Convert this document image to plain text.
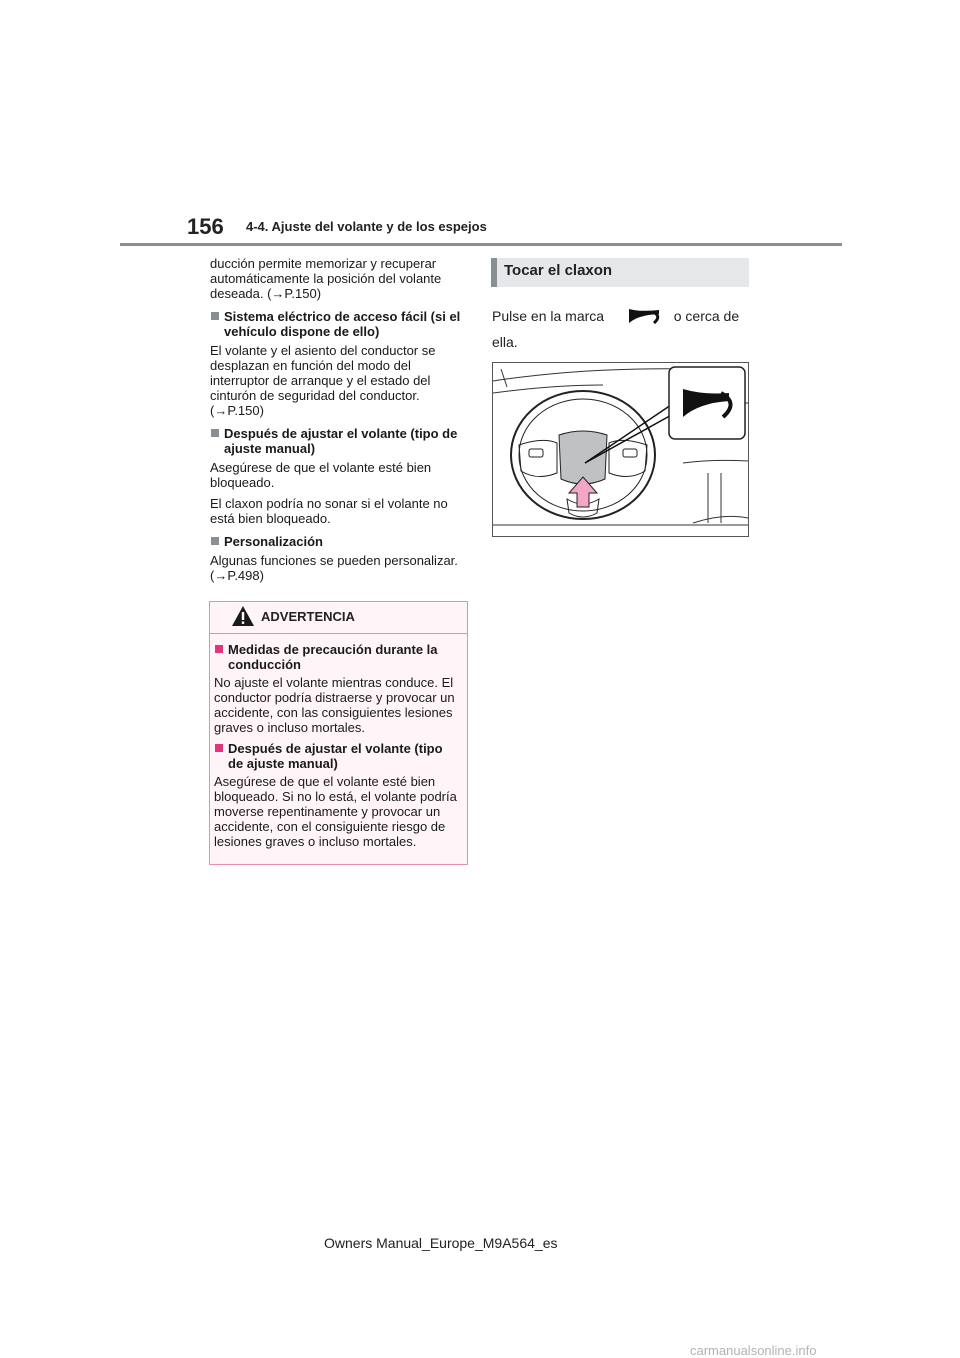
156 4-4. Ajuste del volante y de los espejos

ducción permite memorizar y recuperar automáticamente la posición del volante deseada. (→P.150)

Sistema eléctrico de acceso fácil (si el vehículo dispone de ello)

El volante y el asiento del conductor se desplazan en función del modo del interruptor de arranque y el estado del cinturón de seguridad del conductor. (→P.150)

Después de ajustar el volante (tipo de ajuste manual)

Asegúrese de que el volante esté bien bloqueado.

El claxon podría no sonar si el volante no está bien bloqueado.

Personalización

Algunas funciones se pueden personalizar. (→P.498)

ADVERTENCIA
Medidas de precaución durante la conducción

No ajuste el volante mientras conduce. El conductor podría distraerse y provocar un accidente, con las consiguientes lesiones graves o incluso mortales.

Después de ajustar el volante (tipo de ajuste manual)

Asegúrese de que el volante esté bien bloqueado. Si no lo está, el volante podría moverse repentinamente y provocar un accidente, con el consiguiente riesgo de lesiones graves o incluso mortales.

Tocar el claxon
Pulse en la marca	o cerca de
ella.
Owners Manual_Europe_M9A564_es
carmanualsonline.info
